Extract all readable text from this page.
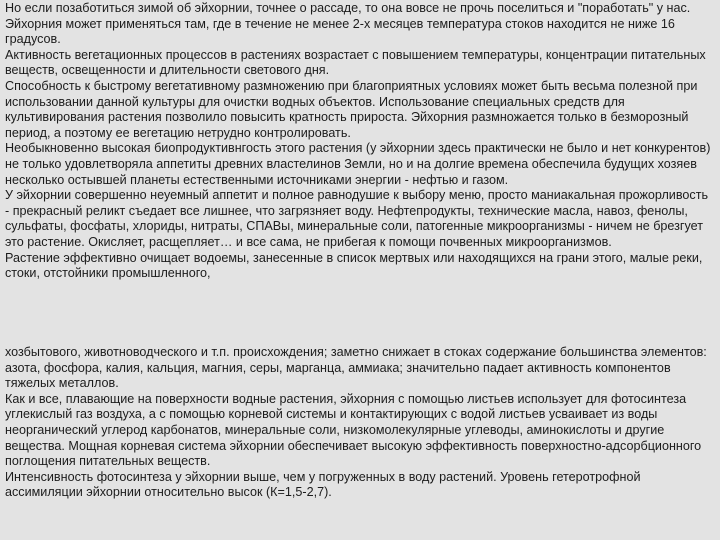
Но если позаботиться зимой об эйхорнии, точнее о рассаде, то она вовсе не прочь поселиться и "поработать" у нас. Эйхорния может применяться там, где в течение не менее 2-х месяцев температура стоков находится не ниже 16 градусов.

Активность вегетационных процессов в растениях возрастает с повышением температуры, концентрации питательных веществ, освещенности и длительности светового дня.

Способность к быстрому вегетативному размножению при благоприятных условиях может быть весьма полезной при использовании данной культуры для очистки водных объектов. Использование специальных средств для культивирования растения позволило повысить кратность прироста. Эйхорния размножается только в безморозный период, а поэтому ее вегетацию нетрудно контролировать.

Необыкновенно высокая биопродуктивнгость этого растения (у эйхорнии здесь практически не было и нет конкурентов) не только удовлетворяла аппетиты древних властелинов Земли, но и на долгие времена обеспечила будущих хозяев несколько остывшей планеты естественными источниками энергии - нефтью и газом.

У эйхорнии совершенно неуемный аппетит и полное равнодушие к выбору меню, просто маниакальная прожорливость - прекрасный реликт съедает все лишнее, что загрязняет воду. Нефтепродукты, технические масла, навоз, фенолы, сульфаты, фосфаты, хлориды, нитраты, СПАВы, минеральные соли, патогенные микроорганизмы - ничем не брезгует это растение. Окисляет, расщепляет… и все сама, не прибегая к помощи почвенных микроорганизмов.

Растение эффективно очищает водоемы, занесенные в список мертвых или находящихся на грани этого, малые реки, стоки, отстойники промышленного,

хозбытового, животноводческого и т.п. происхождения; заметно снижает в стоках содержание большинства элементов: азота, фосфора, калия, кальция, магния, серы, марганца, аммиака; значительно падает активность компонентов тяжелых металлов.

Как и все, плавающие на поверхности водные растения, эйхорния с помощью листьев использует для фотосинтеза углекислый газ воздуха, а с помощью корневой системы и контактирующих с водой листьев усваивает из воды неорганический углерод карбонатов, минеральные соли, низкомолекулярные углеводы, аминокислоты и другие вещества. Мощная корневая система эйхорнии обеспечивает высокую эффективность поверхностно-адсорбционного поглощения питательных веществ.

Интенсивность фотосинтеза у эйхорнии выше, чем у погруженных в воду растений. Уровень гетеротрофной ассимиляции эйхорнии относительно высок (К=1,5-2,7).
